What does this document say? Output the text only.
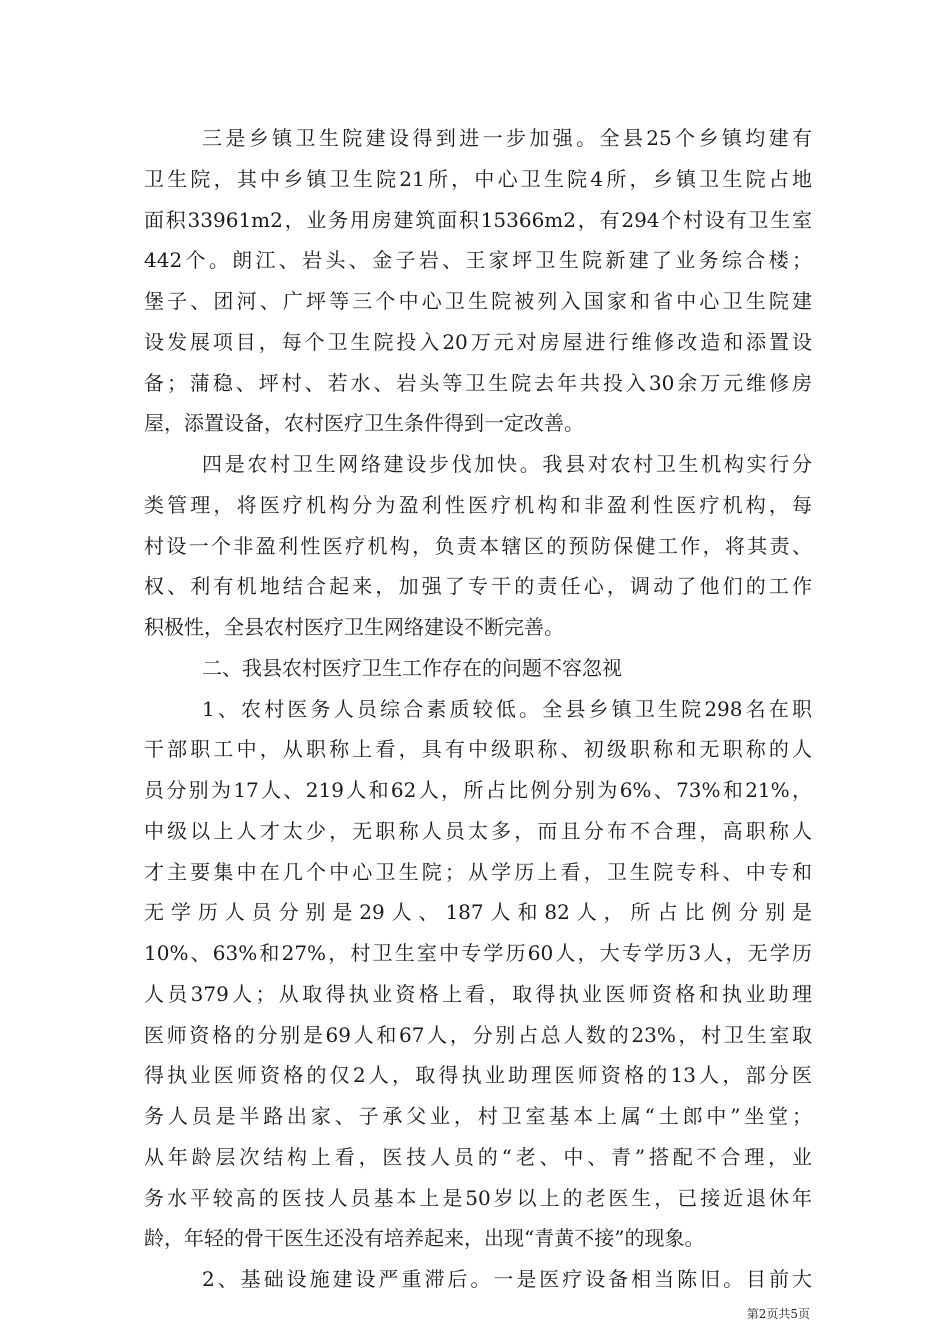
三是乡镇卫生院建设得到进一步加强。全县25个乡镇均建有
卫生院，其中乡镇卫生院21所，中心卫生院4所，乡镇卫生院占地
面积33961m2，业务用房建筑面积15366m2，有294个村设有卫生室
442个。朗江、岩头、金子岩、王家坪卫生院新建了业务综合楼；
堡子、团河、广坪等三个中心卫生院被列入国家和省中心卫生院建
设发展项目，每个卫生院投入20万元对房屋进行维修改造和添置设
备；蒲稳、坪村、若水、岩头等卫生院去年共投入30余万元维修房
屋，添置设备，农村医疗卫生条件得到一定改善。
四是农村卫生网络建设步伐加快。我县对农村卫生机构实行分
类管理，将医疗机构分为盈利性医疗机构和非盈利性医疗机构，每
村设一个非盈利性医疗机构，负责本辖区的预防保健工作，将其责、
权、利有机地结合起来，加强了专干的责任心，调动了他们的工作
积极性，全县农村医疗卫生网络建设不断完善。
二、我县农村医疗卫生工作存在的问题不容忽视
1、农村医务人员综合素质较低。全县乡镇卫生院298名在职
干部职工中，从职称上看，具有中级职称、初级职称和无职称的人
员分别为17人、219人和62人，所占比例分别为6%、73%和21%，
中级以上人才太少，无职称人员太多，而且分布不合理，高职称人
才主要集中在几个中心卫生院；从学历上看，卫生院专科、中专和
无学历人员分别是29人、187人和82人，所占比例分别是
10%、63%和27%，村卫生室中专学历60人，大专学历3人，无学历
人员379人；从取得执业资格上看，取得执业医师资格和执业助理
医师资格的分别是69人和67人，分别占总人数的23%，村卫生室取
得执业医师资格的仅2人，取得执业助理医师资格的13人，部分医
务人员是半路出家、子承父业，村卫室基本上属“土郎中”坐堂；
从年龄层次结构上看，医技人员的“老、中、青”搭配不合理，业
务水平较高的医技人员基本上是50岁以上的老医生，已接近退休年
龄，年轻的骨干医生还没有培养起来，出现“青黄不接”的现象。
2、基础设施建设严重滞后。一是医疗设备相当陈旧。目前大
第2页共5页
